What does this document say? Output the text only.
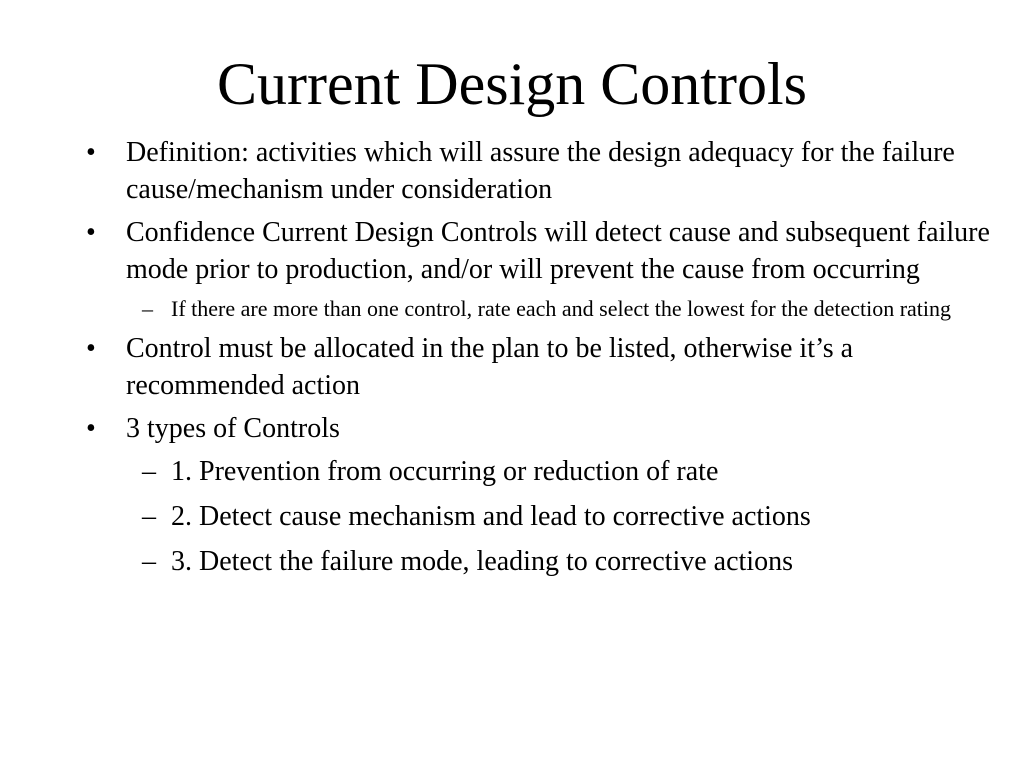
Current Design Controls
•	Definition: activities which will assure the design adequacy for the failure cause/mechanism under consideration
•	Confidence Current Design Controls will detect cause and subsequent failure mode prior to production, and/or will prevent the cause from occurring
– If there are more than one control, rate each and select the lowest for the detection rating
•	Control must be allocated in the plan to be listed, otherwise it’s a recommended action
•	3 types of Controls
– 1. Prevention from occurring or reduction of rate
– 2. Detect cause mechanism and lead to corrective actions
– 3. Detect the failure mode, leading to corrective actions
